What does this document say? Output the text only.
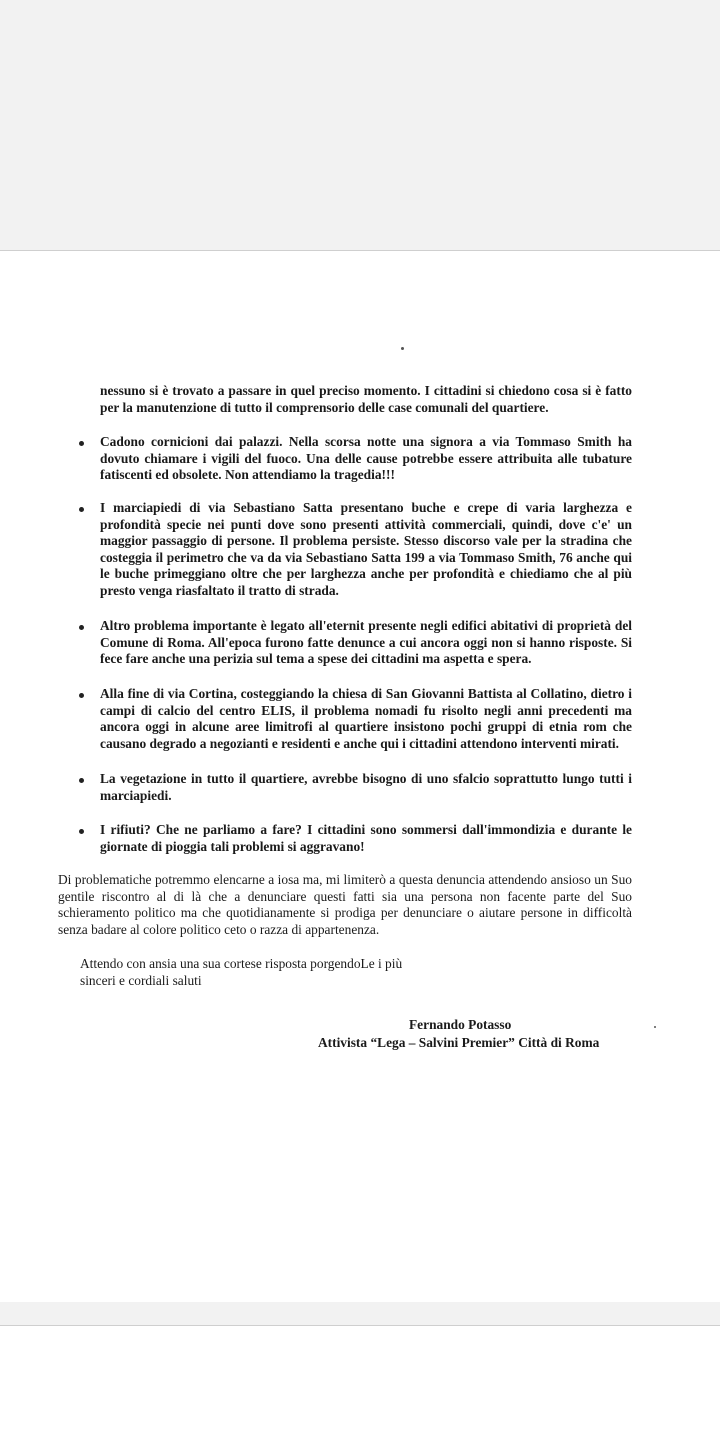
nessuno si è trovato a passare in quel preciso momento. I cittadini si chiedono cosa si è fatto per la manutenzione di tutto il comprensorio delle case comunali del quartiere.
Cadono cornicioni dai palazzi. Nella scorsa notte una signora a via Tommaso Smith ha dovuto chiamare i vigili del fuoco. Una delle cause potrebbe essere attribuita alle tubature fatiscenti ed obsolete. Non attendiamo la tragedia!!!
I marciapiedi di via Sebastiano Satta presentano buche e crepe di varia larghezza e profondità specie nei punti dove sono presenti attività commerciali, quindi, dove c'e' un maggior passaggio di persone. Il problema persiste. Stesso discorso vale per la stradina che costeggia il perimetro che va da via Sebastiano Satta 199 a via Tommaso Smith, 76 anche qui le buche primeggiano oltre che per larghezza anche per profondità e chiediamo che al più presto venga riasfaltato il tratto di strada.
Altro problema importante è legato all'eternit presente negli edifici abitativi di proprietà del Comune di Roma. All'epoca furono fatte denunce a cui ancora oggi non si hanno risposte. Si fece fare anche una perizia sul tema a spese dei cittadini ma aspetta e spera.
Alla fine di via Cortina, costeggiando la chiesa di San Giovanni Battista al Collatino, dietro i campi di calcio del centro ELIS, il problema nomadi fu risolto negli anni precedenti ma ancora oggi in alcune aree limitrofi al quartiere insistono pochi gruppi di etnia rom che causano degrado a negozianti e residenti e anche qui i cittadini attendono interventi mirati.
La vegetazione in tutto il quartiere, avrebbe bisogno di uno sfalcio soprattutto lungo tutti i marciapiedi.
I rifiuti? Che ne parliamo a fare? I cittadini sono sommersi dall'immondizia e durante le giornate di pioggia tali problemi si aggravano!
Di problematiche potremmo elencarne a iosa ma, mi limiterò a questa denuncia attendendo ansioso un Suo gentile riscontro al di là che a denunciare questi fatti sia una persona non facente parte del Suo schieramento politico ma che quotidianamente si prodiga per denunciare o aiutare persone in difficoltà senza badare al colore politico ceto o razza di appartenenza.
Attendo con ansia una sua cortese risposta porgendoLe i più sinceri e cordiali saluti
Fernando Potasso
Attivista “Lega – Salvini Premier” Città di Roma
